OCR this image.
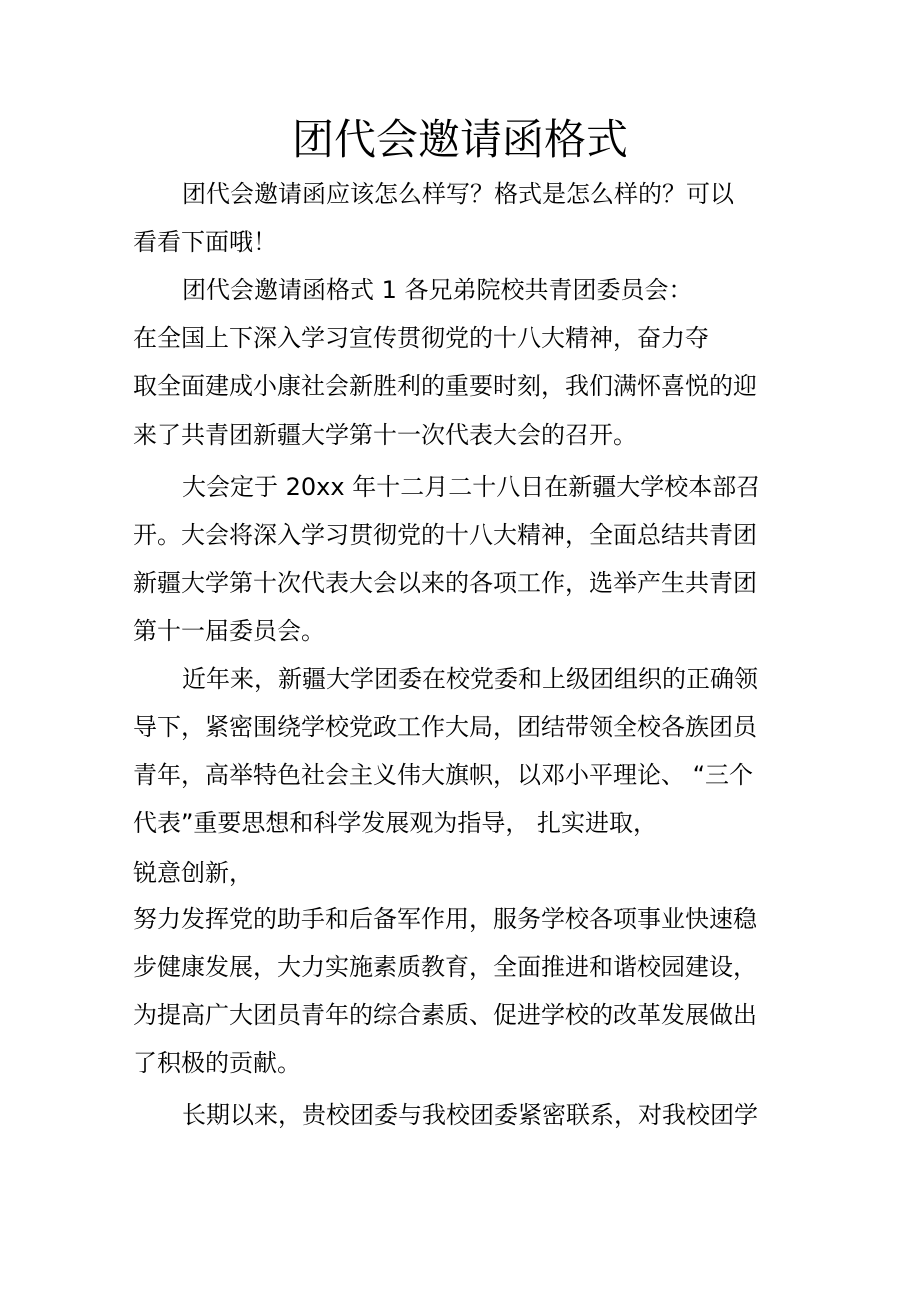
团代会邀请函格式
团代会邀请函应该怎么样写？格式是怎么样的？可以
看看下面哦！
团代会邀请函格式 1 各兄弟院校共青团委员会：
在全国上下深入学习宣传贯彻党的十八大精神，奋力夺
取全面建成小康社会新胜利的重要时刻，我们满怀喜悦的迎
来了共青团新疆大学第十一次代表大会的召开。
大会定于 20xx 年十二月二十八日在新疆大学校本部召
开。大会将深入学习贯彻党的十八大精神，全面总结共青团
新疆大学第十次代表大会以来的各项工作，选举产生共青团
第十一届委员会。
近年来，新疆大学团委在校党委和上级团组织的正确领
导下，紧密围绕学校党政工作大局，团结带领全校各族团员
青年，高举特色社会主义伟大旗帜，以邓小平理论、 “三个
代表”重要思想和科学发展观为指导， 扎实进取，
锐意创新，
努力发挥党的助手和后备军作用，服务学校各项事业快速稳
步健康发展，大力实施素质教育，全面推进和谐校园建设，
为提高广大团员青年的综合素质、促进学校的改革发展做出
了积极的贡献。
长期以来，贵校团委与我校团委紧密联系，对我校团学
